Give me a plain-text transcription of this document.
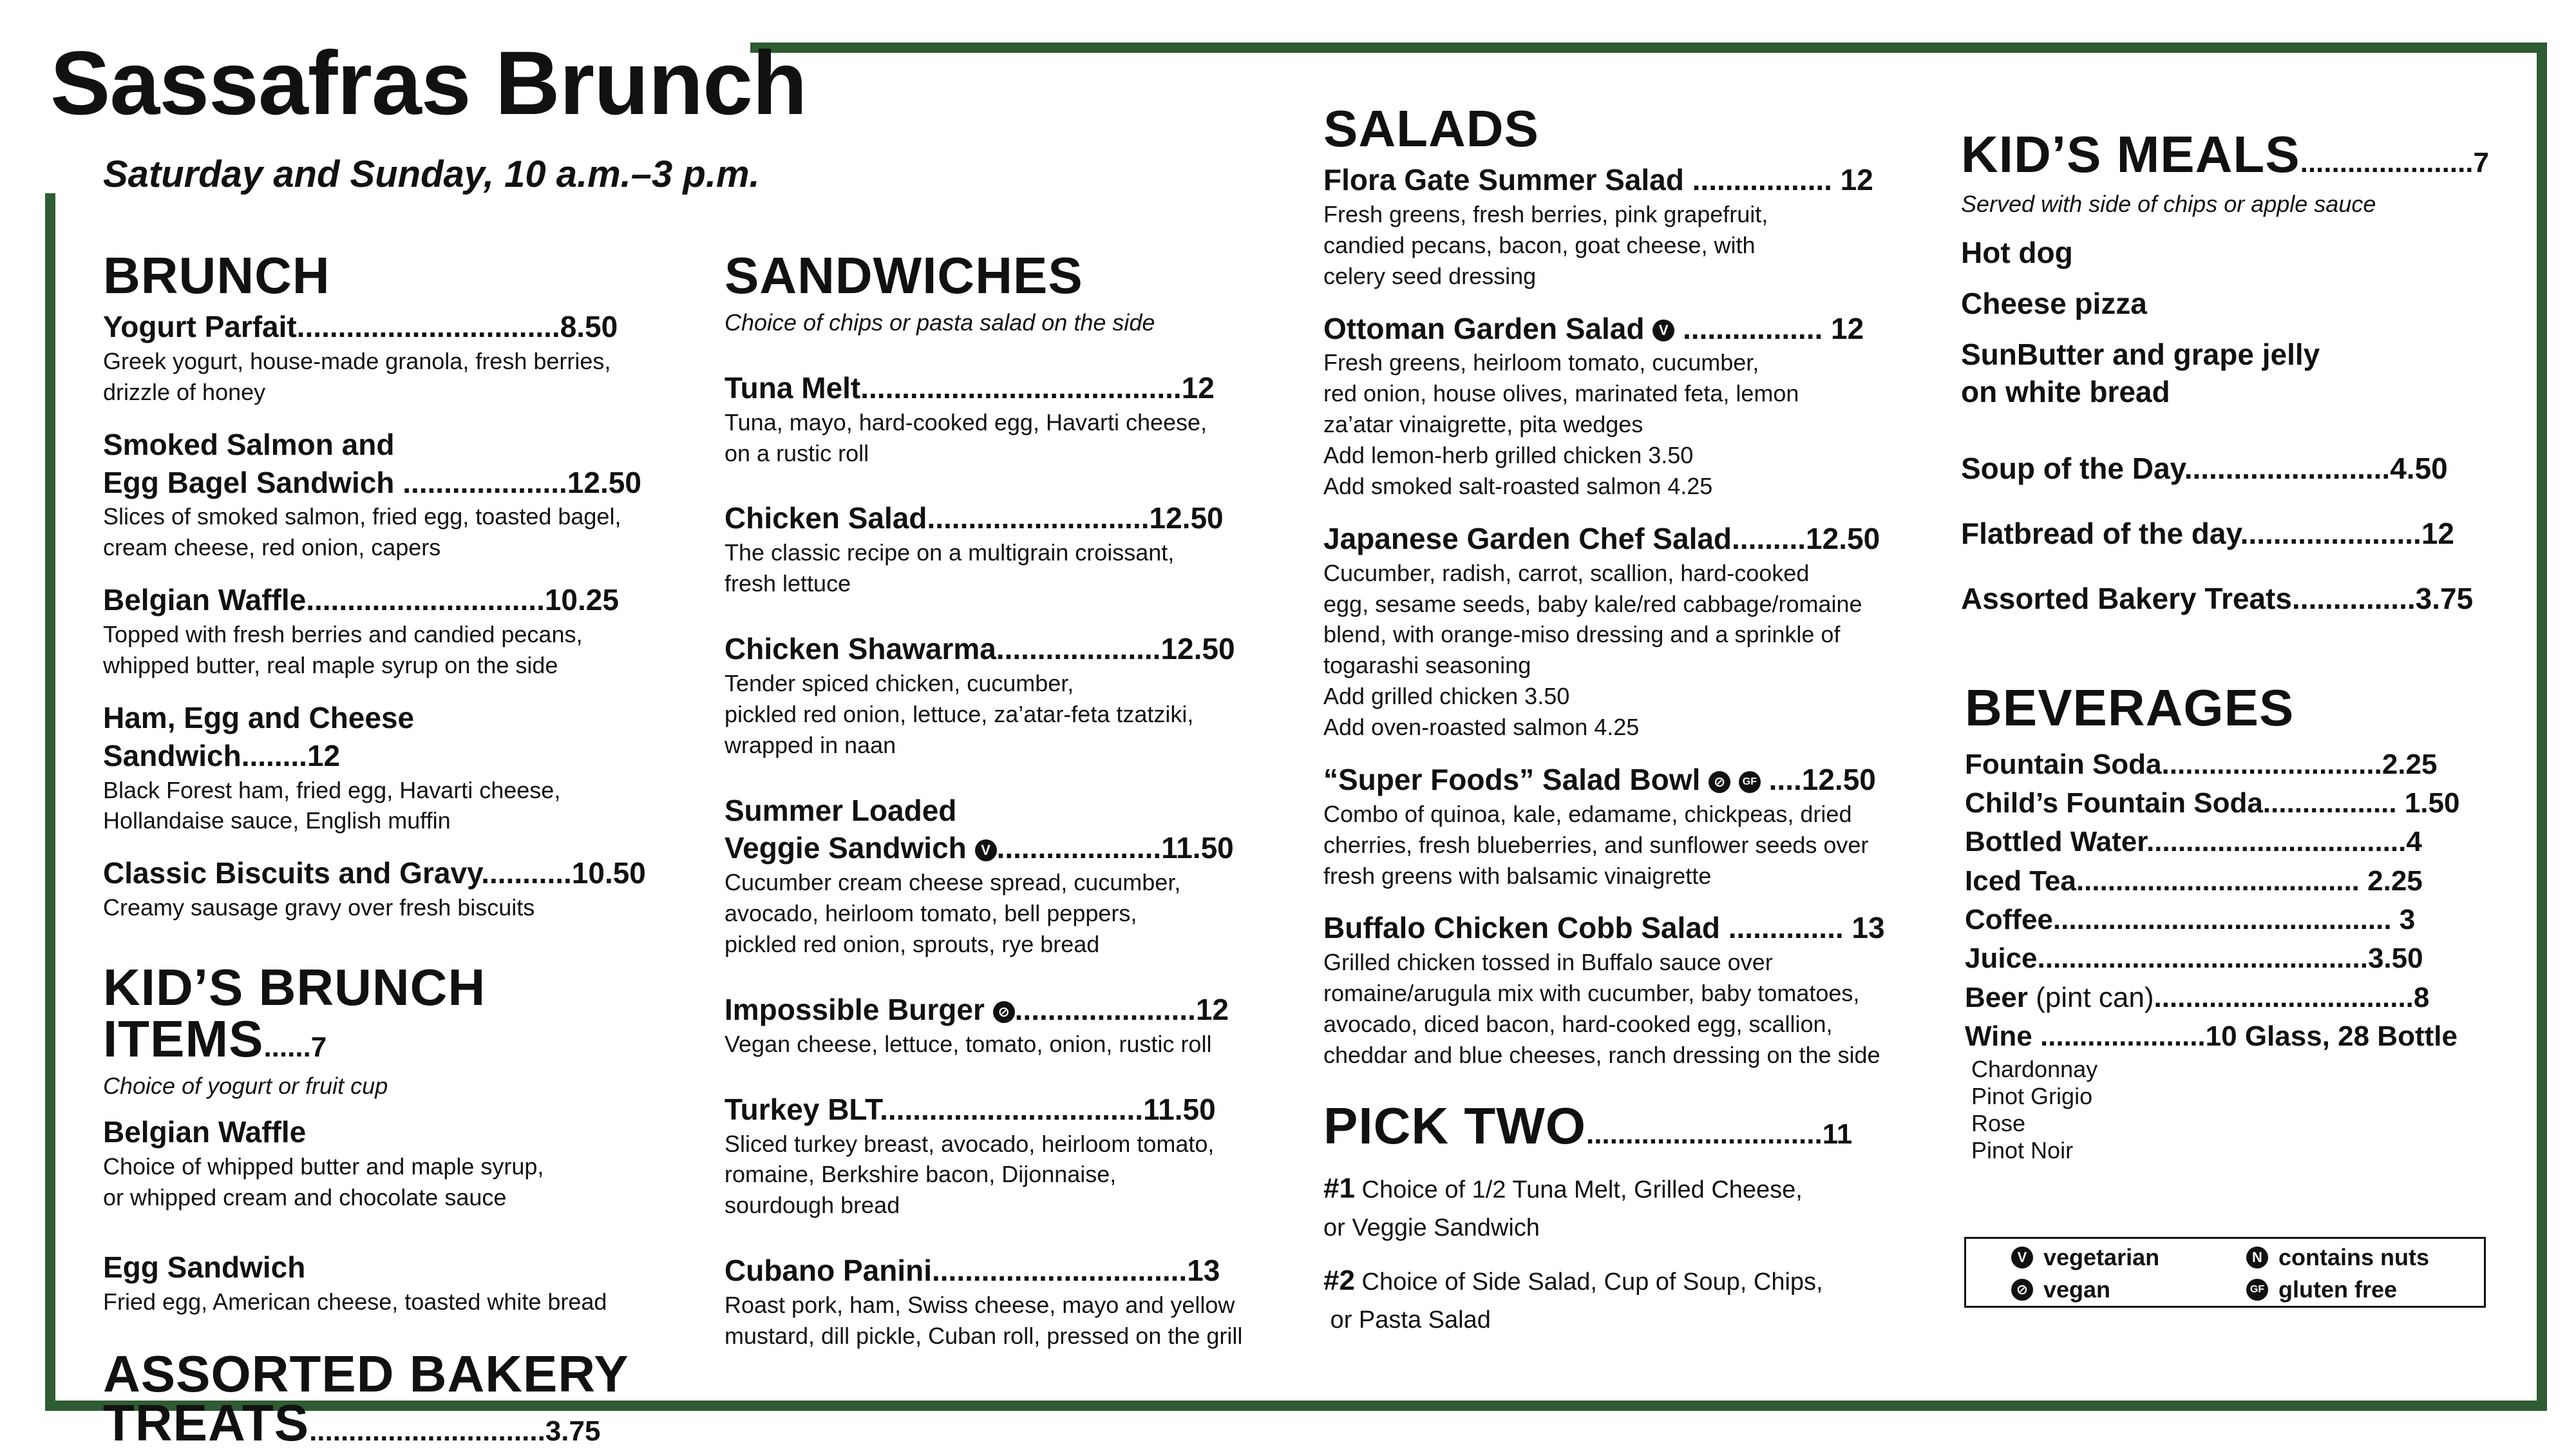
Sassafras Brunch
Saturday and Sunday, 10 a.m.–3 p.m.
BRUNCH
Yogurt Parfait................................8.50
Greek yogurt, house-made granola, fresh berries,
drizzle of honey
Smoked Salmon and
Egg Bagel Sandwich ....................12.50
Slices of smoked salmon, fried egg, toasted bagel,
cream cheese, red onion, capers
Belgian Waffle.............................10.25
Topped with fresh berries and candied pecans,
whipped butter, real maple syrup on the side
Ham, Egg and Cheese Sandwich........12
Black Forest ham, fried egg, Havarti cheese,
Hollandaise sauce, English muffin
Classic Biscuits and Gravy...........10.50
Creamy sausage gravy over fresh biscuits
KID’S BRUNCH ITEMS......7
Choice of yogurt or fruit cup
Belgian Waffle
Choice of whipped butter and maple syrup,
or whipped cream and chocolate sauce
Egg Sandwich
Fried egg, American cheese, toasted white bread
ASSORTED BAKERY
TREATS..............................3.75
SANDWICHES
Choice of chips or pasta salad on the side
Tuna Melt.......................................12
Tuna, mayo, hard-cooked egg, Havarti cheese,
on a rustic roll
Chicken Salad...........................12.50
The classic recipe on a multigrain croissant,
fresh lettuce
Chicken Shawarma....................12.50
Tender spiced chicken, cucumber,
pickled red onion, lettuce, za’atar-feta tzatziki,
wrapped in naan
Summer Loaded
Veggie Sandwich V ....................11.50
Cucumber cream cheese spread, cucumber,
avocado, heirloom tomato, bell peppers,
pickled red onion, sprouts, rye bread
Impossible Burger ⊘ ......................12
Vegan cheese, lettuce, tomato, onion, rustic roll
Turkey BLT................................11.50
Sliced turkey breast, avocado, heirloom tomato,
romaine, Berkshire bacon, Dijonnaise,
sourdough bread
Cubano Panini...............................13
Roast pork, ham, Swiss cheese, mayo and yellow
mustard, dill pickle, Cuban roll, pressed on the grill
SALADS
Flora Gate Summer Salad ................. 12
Fresh greens, fresh berries, pink grapefruit,
candied pecans, bacon, goat cheese, with
celery seed dressing
Ottoman Garden Salad V ................. 12
Fresh greens, heirloom tomato, cucumber,
red onion, house olives, marinated feta, lemon
za’atar vinaigrette, pita wedges
Add lemon-herb grilled chicken 3.50
Add smoked salt-roasted salmon 4.25
Japanese Garden Chef Salad.........12.50
Cucumber, radish, carrot, scallion, hard-cooked
egg, sesame seeds, baby kale/red cabbage/romaine
blend, with orange-miso dressing and a sprinkle of
togarashi seasoning
Add grilled chicken 3.50
Add oven-roasted salmon 4.25
“Super Foods” Salad Bowl ⊘ GF ....12.50
Combo of quinoa, kale, edamame, chickpeas, dried
cherries, fresh blueberries, and sunflower seeds over
fresh greens with balsamic vinaigrette
Buffalo Chicken Cobb Salad .............. 13
Grilled chicken tossed in Buffalo sauce over
romaine/arugula mix with cucumber, baby tomatoes,
avocado, diced bacon, hard-cooked egg, scallion,
cheddar and blue cheeses, ranch dressing on the side
PICK TWO..............................11
#1 Choice of 1/2 Tuna Melt, Grilled Cheese,
or Veggie Sandwich
#2 Choice of Side Salad, Cup of Soup, Chips,
or Pasta Salad
KID’S MEALS......................7
Served with side of chips or apple sauce
Hot dog
Cheese pizza
SunButter and grape jelly
on white bread
Soup of the Day.........................4.50
Flatbread of the day......................12
Assorted Bakery Treats...............3.75
BEVERAGES
Fountain Soda............................2.25
Child’s Fountain Soda................. 1.50
Bottled Water.................................4
Iced Tea.................................... 2.25
Coffee........................................... 3
Juice..........................................3.50
Beer (pint can).................................8
Wine .....................10 Glass, 28 Bottle
Chardonnay
Pinot Grigio
Rose
Pinot Noir
V vegetarian
⊘ vegan
N contains nuts
GF gluten free
